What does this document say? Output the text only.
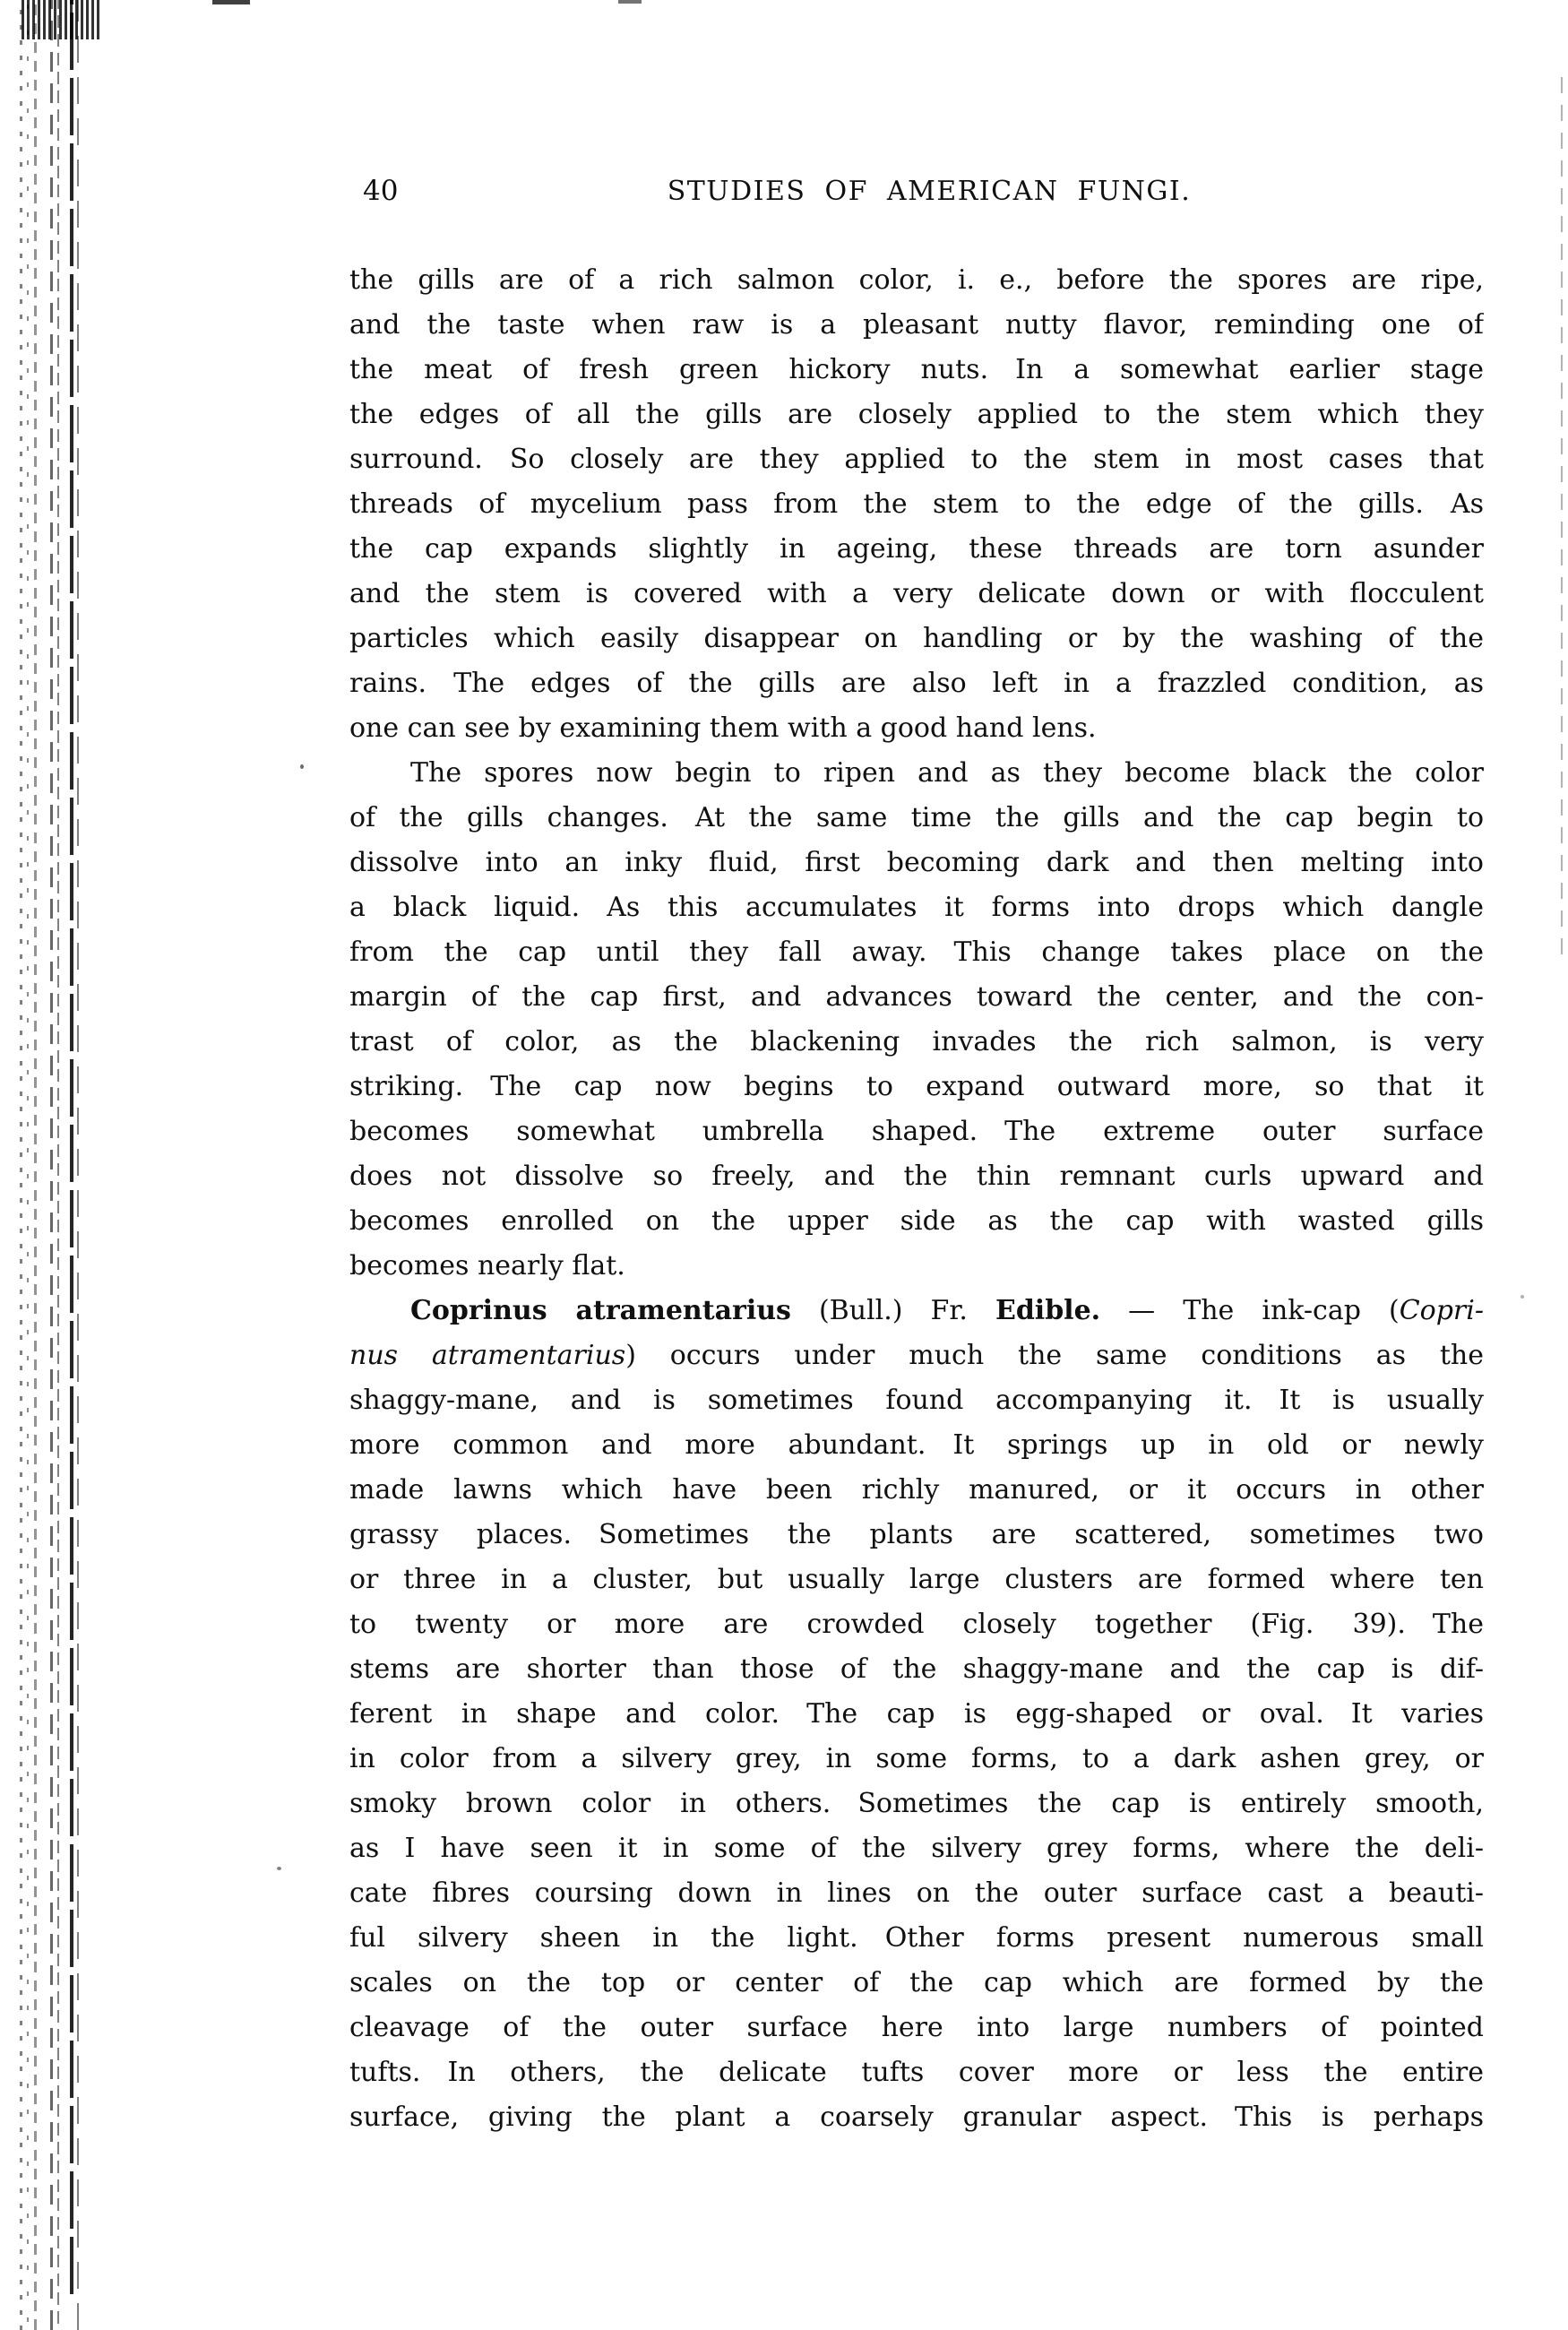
40	STUDIES OF AMERICAN FUNGI.
the gills are of a rich salmon color, i. e., before the spores are ripe,
and the taste when raw is a pleasant nutty flavor, reminding one of
the meat of fresh green hickory nuts. In a somewhat earlier stage
the edges of all the gills are closely applied to the stem which they
surround. So closely are they applied to the stem in most cases that
threads of mycelium pass from the stem to the edge of the gills. As
the cap expands slightly in ageing, these threads are torn asunder
and the stem is covered with a very delicate down or with flocculent
particles which easily disappear on handling or by the washing of the
rains. The edges of the gills are also left in a frazzled condition, as
one can see by examining them with a good hand lens.
The spores now begin to ripen and as they become black the color
of the gills changes. At the same time the gills and the cap begin to
dissolve into an inky fluid, first becoming dark and then melting into
a black liquid. As this accumulates it forms into drops which dangle
from the cap until they fall away. This change takes place on the
margin of the cap first, and advances toward the center, and the con-
trast of color, as the blackening invades the rich salmon, is very
striking. The cap now begins to expand outward more, so that it
becomes somewhat umbrella shaped. The extreme outer surface
does not dissolve so freely, and the thin remnant curls upward and
becomes enrolled on the upper side as the cap with wasted gills
becomes nearly flat.
Coprinus atramentarius (Bull.) Fr. Edible. — The ink-cap (Copri-
nus atramentarius) occurs under much the same conditions as the
shaggy-mane, and is sometimes found accompanying it. It is usually
more common and more abundant. It springs up in old or newly
made lawns which have been richly manured, or it occurs in other
grassy places. Sometimes the plants are scattered, sometimes two
or three in a cluster, but usually large clusters are formed where ten
to twenty or more are crowded closely together (Fig. 39). The
stems are shorter than those of the shaggy-mane and the cap is dif-
ferent in shape and color. The cap is egg-shaped or oval. It varies
in color from a silvery grey, in some forms, to a dark ashen grey, or
smoky brown color in others. Sometimes the cap is entirely smooth,
as I have seen it in some of the silvery grey forms, where the deli-
cate fibres coursing down in lines on the outer surface cast a beauti-
ful silvery sheen in the light. Other forms present numerous small
scales on the top or center of the cap which are formed by the
cleavage of the outer surface here into large numbers of pointed
tufts. In others, the delicate tufts cover more or less the entire
surface, giving the plant a coarsely granular aspect. This is perhaps
